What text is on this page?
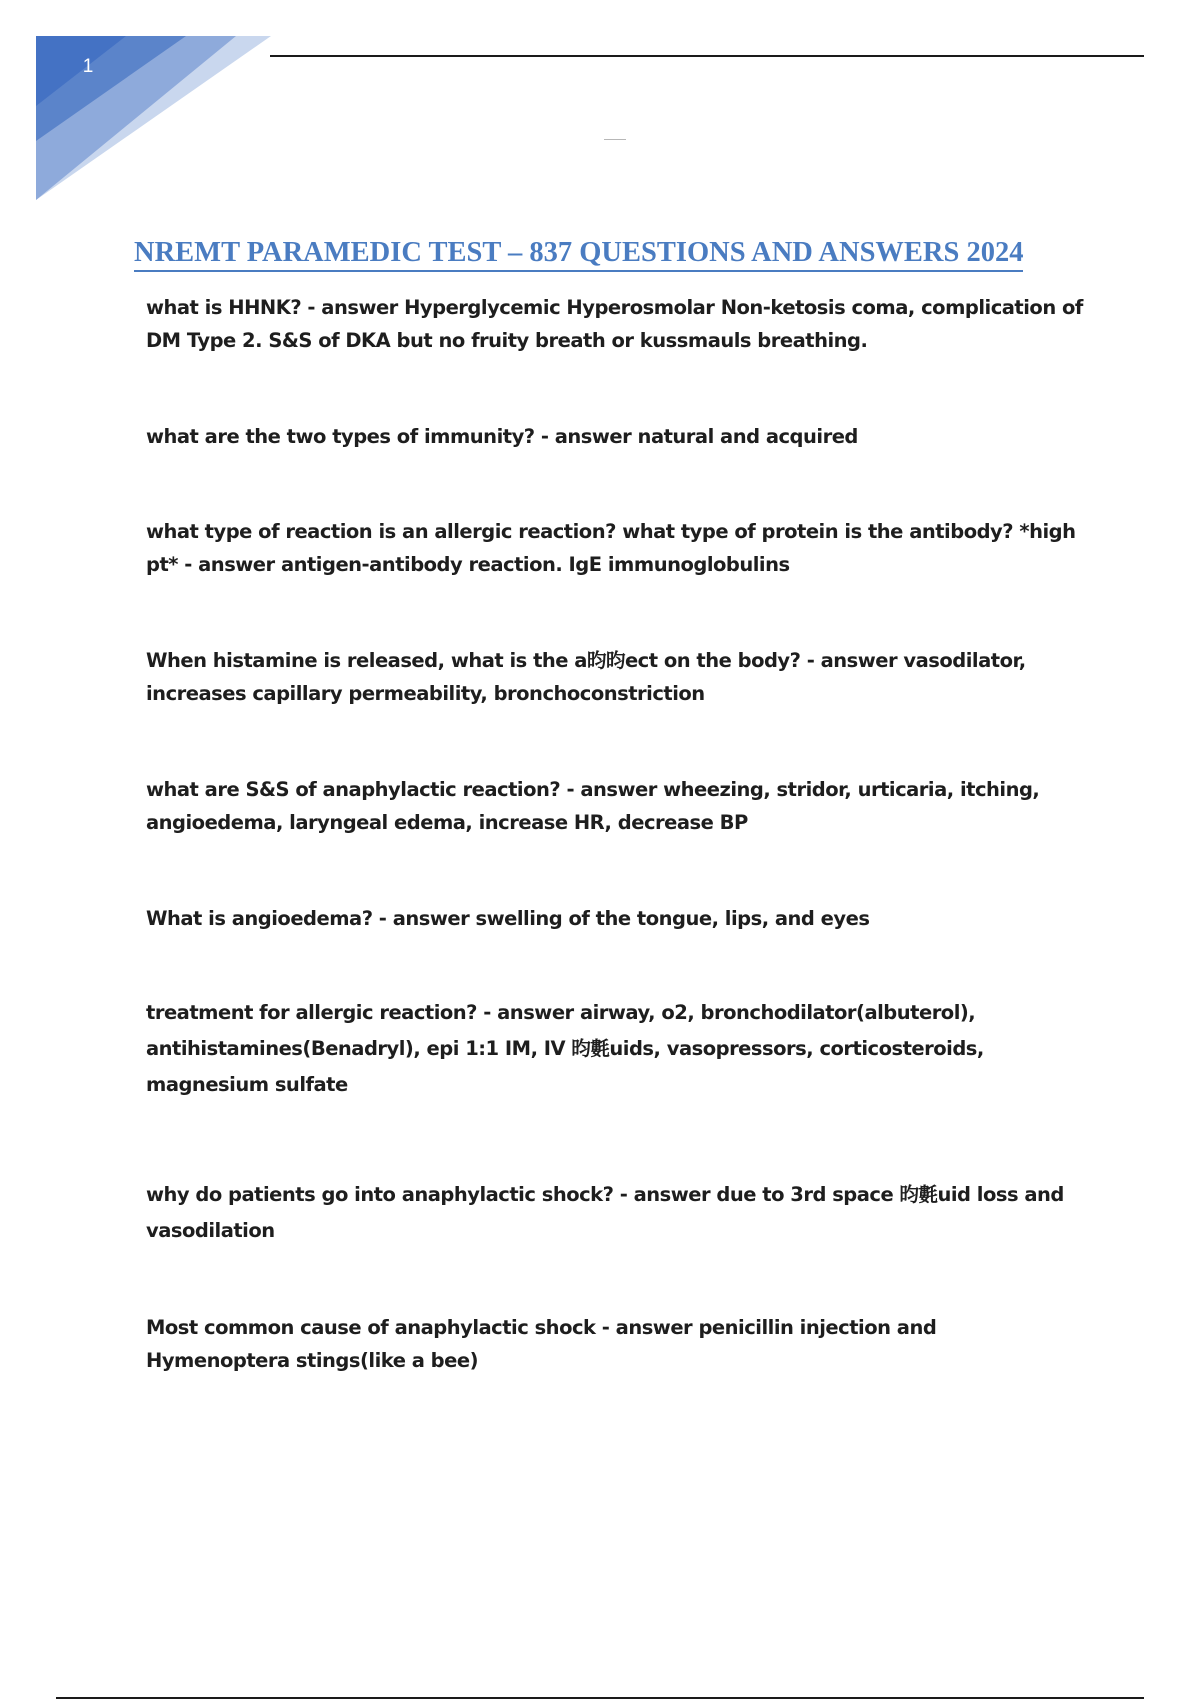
1
NREMT PARAMEDIC TEST – 837 QUESTIONS AND ANSWERS 2024

what is HHNK? - answer Hyperglycemic Hyperosmolar Non-ketosis coma, complication of DM Type 2. S&S of DKA but no fruity breath or kussmauls breathing.

what are the two types of immunity? - answer natural and acquired

what type of reaction is an allergic reaction? what type of protein is the antibody? *high pt* - answer antigen-antibody reaction. IgE immunoglobulins

When histamine is released, what is the a昀昀ect on the body? - answer vasodilator, increases capillary permeability, bronchoconstriction

what are S&S of anaphylactic reaction? - answer wheezing, stridor, urticaria, itching, angioedema, laryngeal edema, increase HR, decrease BP

What is angioedema? - answer swelling of the tongue, lips, and eyes

treatment for allergic reaction? - answer airway, o2, bronchodilator(albuterol), antihistamines(Benadryl), epi 1:1 IM, IV 昀氀uids, vasopressors, corticosteroids, magnesium sulfate

why do patients go into anaphylactic shock? - answer due to 3rd space 昀氀uid loss and vasodilation

Most common cause of anaphylactic shock - answer penicillin injection and Hymenoptera stings(like a bee)
